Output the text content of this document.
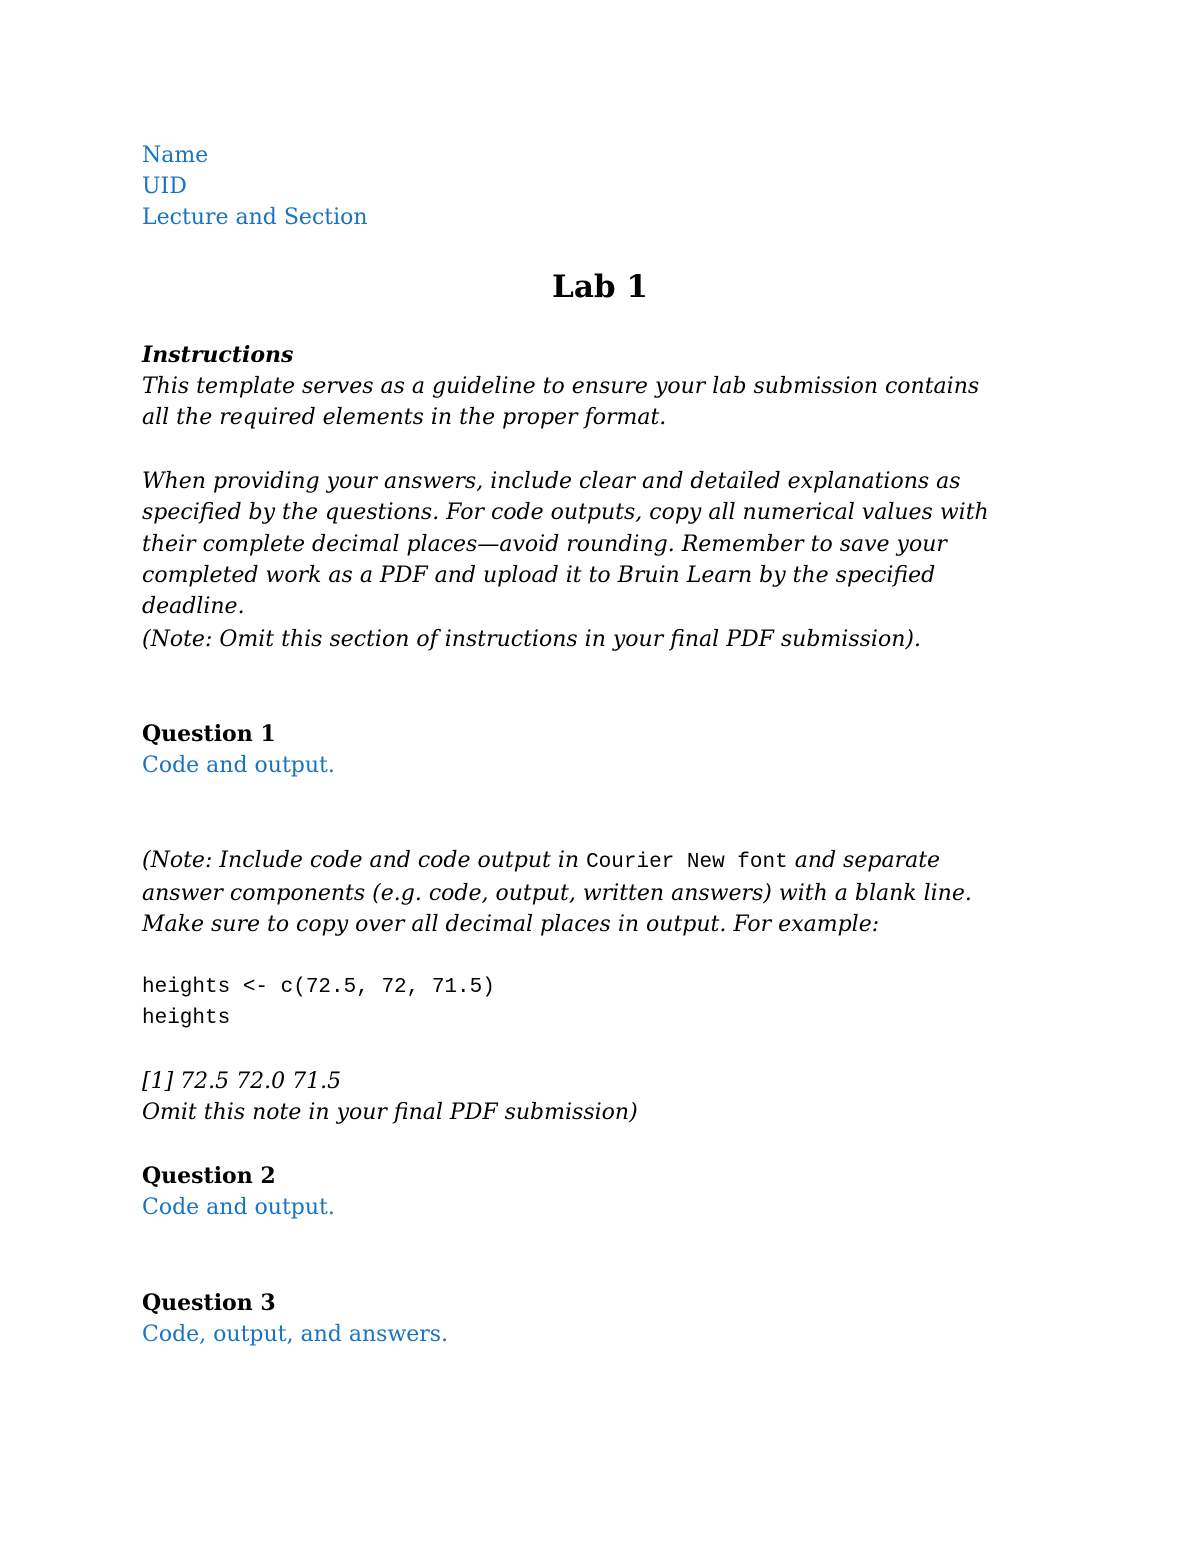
Name
UID
Lecture and Section
Lab 1
Instructions
This template serves as a guideline to ensure your lab submission contains
all the required elements in the proper format.
When providing your answers, include clear and detailed explanations as
specified by the questions. For code outputs, copy all numerical values with
their complete decimal places—avoid rounding. Remember to save your
completed work as a PDF and upload it to Bruin Learn by the specified
deadline.
(Note: Omit this section of instructions in your final PDF submission).
Question 1
Code and output.
(Note: Include code and code output in Courier New font and separate
answer components (e.g. code, output, written answers) with a blank line.
Make sure to copy over all decimal places in output. For example:
heights <- c(72.5, 72, 71.5)
heights
[1] 72.5 72.0 71.5
Omit this note in your final PDF submission)
Question 2
Code and output.
Question 3
Code, output, and answers.
